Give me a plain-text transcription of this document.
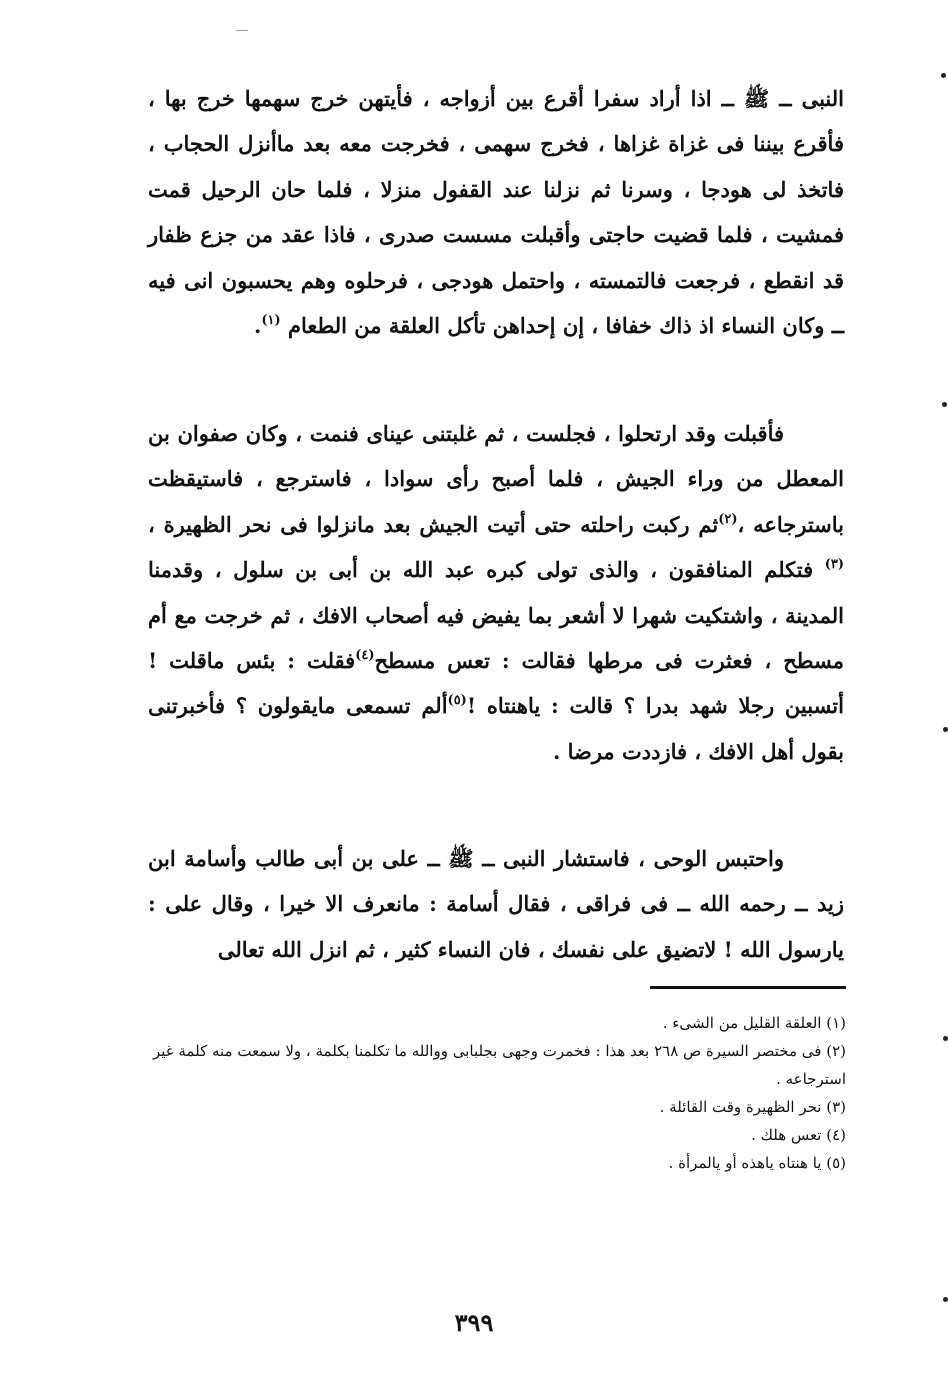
النبى ــ ﷺ ــ اذا أراد سفرا أقرع بين أزواجه ، فأيتهن خرج سهمها خرج بها ، فأقرع بيننا فى غزاة غزاها ، فخرج سهمى ، فخرجت معه بعد ماأنزل الحجاب ، فاتخذ لى هودجا ، وسرنا ثم نزلنا عند القفول منزلا ، فلما حان الرحيل قمت فمشيت ، فلما قضيت حاجتى وأقبلت مسست صدرى ، فاذا عقد من جزع ظفار قد انقطع ، فرجعت فالتمسته ، واحتمل هودجى ، فرحلوه وهم يحسبون انى فيه ــ وكان النساء اذ ذاك خفافا ، إن إحداهن تأكل العلقة من الطعام $^{(١)}$.
فأقبلت وقد ارتحلوا ، فجلست ، ثم غلبتنى عيناى فنمت ، وكان صفوان بن المعطل من وراء الجيش ، فلما أصبح رأى سوادا ، فاسترجع ، فاستيقظت باسترجاعه ،$^{(٢)}$ثم ركبت راحلته حتى أتيت الجيش بعد مانزلوا فى نحر الظهيرة ،$^{(٣)}$ فتكلم المنافقون ، والذى تولى كبره عبد الله بن أبى بن سلول ، وقدمنا المدينة ، واشتكيت شهرا لا أشعر بما يفيض فيه أصحاب الافك ، ثم خرجت مع أم مسطح ، فعثرت فى مرطها فقالت : تعس مسطح$^{(٤)}$فقلت : بئس ماقلت ! أتسبين رجلا شهد بدرا ؟ قالت : ياهنتاه !$^{(٥)}$ألم تسمعى مايقولون ؟ فأخبرتنى بقول أهل الافك ، فازددت مرضا .
واحتبس الوحى ، فاستشار النبى ــ ﷺ ــ على بن أبى طالب وأسامة ابن زيد ــ رحمه الله ــ فى فراقى ، فقال أسامة : مانعرف الا خيرا ، وقال على : يارسول الله ! لاتضيق على نفسك ، فان النساء كثير ، ثم انزل الله تعالى

(١) العلقة القليل من الشىء .

(٢) فى مختصر السيرة ص ٢٦٨ بعد هذا : فخمرت وجهى بجلبابى ووالله ما تكلمنا بكلمة ، ولا سمعت منه كلمة غير استرجاعه .

(٣) نحر الظهيرة وقت القائلة .

(٤) تعس هلك .

(٥) يا هنتاه ياهذه أو يالمرأة .

٣٩٩
